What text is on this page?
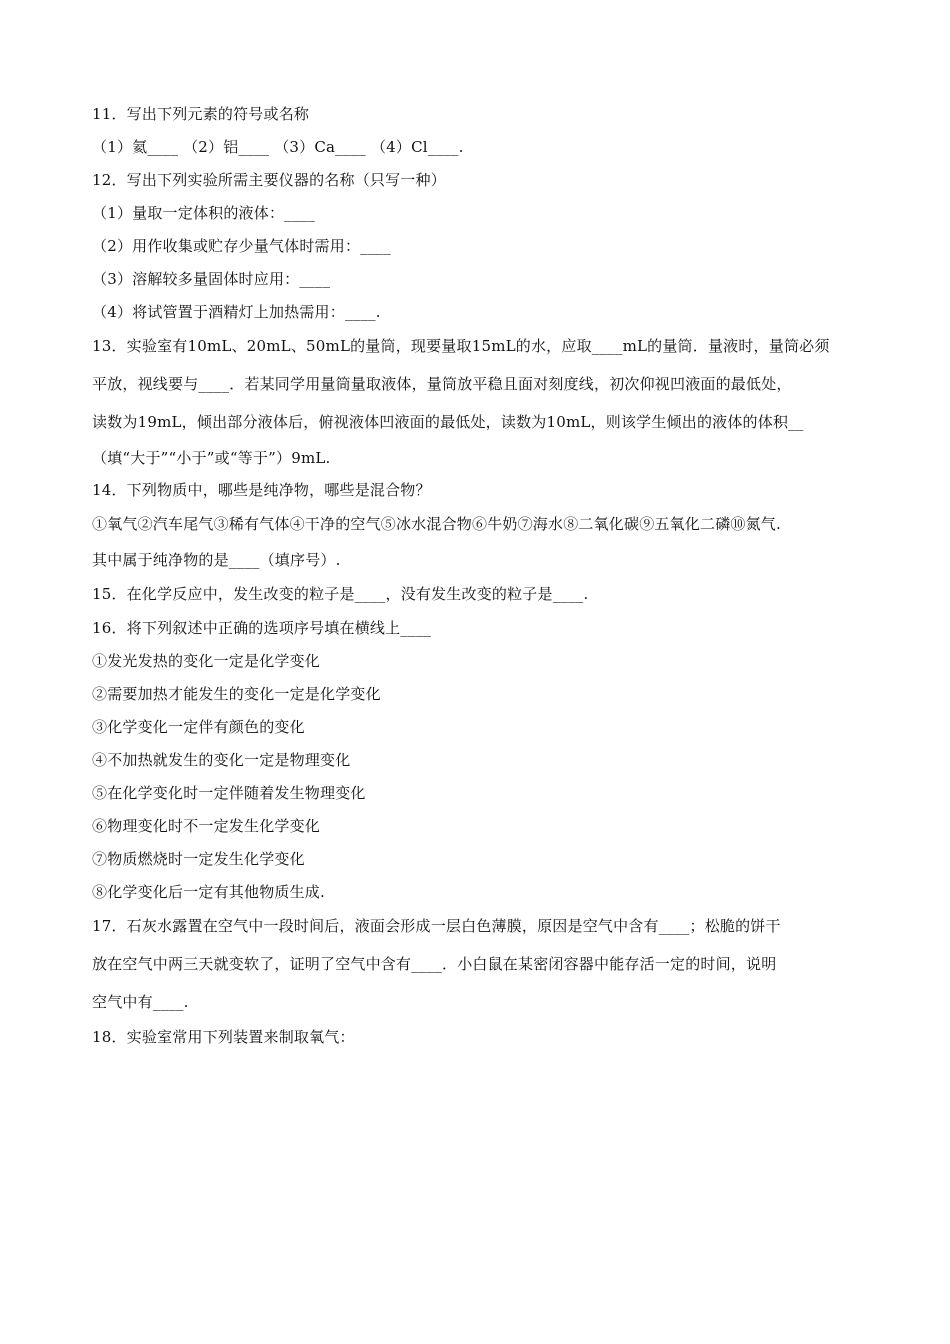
11．写出下列元素的符号或名称
（1）氦____ （2）铝____ （3）Ca____ （4）Cl____.
12．写出下列实验所需主要仪器的名称（只写一种）
（1）量取一定体积的液体：____
（2）用作收集或贮存少量气体时需用：____
（3）溶解较多量固体时应用：____
（4）将试管置于酒精灯上加热需用：____.
13．实验室有10mL、20mL、50mL的量筒，现要量取15mL的水，应取____mL的量筒．量液时，量筒必须
平放，视线要与____．若某同学用量筒量取液体，量筒放平稳且面对刻度线，初次仰视凹液面的最低处，
读数为19mL，倾出部分液体后，俯视液体凹液面的最低处，读数为10mL，则该学生倾出的液体的体积__
（填“大于”“小于”或“等于”）9mL.
14．下列物质中，哪些是纯净物，哪些是混合物？
①氧气②汽车尾气③稀有气体④干净的空气⑤冰水混合物⑥牛奶⑦海水⑧二氧化碳⑨五氧化二磷⑩氮气.
其中属于纯净物的是____（填序号）.
15．在化学反应中，发生改变的粒子是____，没有发生改变的粒子是____.
16．将下列叙述中正确的选项序号填在横线上____
①发光发热的变化一定是化学变化
②需要加热才能发生的变化一定是化学变化
③化学变化一定伴有颜色的变化
④不加热就发生的变化一定是物理变化
⑤在化学变化时一定伴随着发生物理变化
⑥物理变化时不一定发生化学变化
⑦物质燃烧时一定发生化学变化
⑧化学变化后一定有其他物质生成.
17．石灰水露置在空气中一段时间后，液面会形成一层白色薄膜，原因是空气中含有____；松脆的饼干
放在空气中两三天就变软了，证明了空气中含有____．小白鼠在某密闭容器中能存活一定的时间，说明
空气中有____.
18．实验室常用下列装置来制取氧气：
